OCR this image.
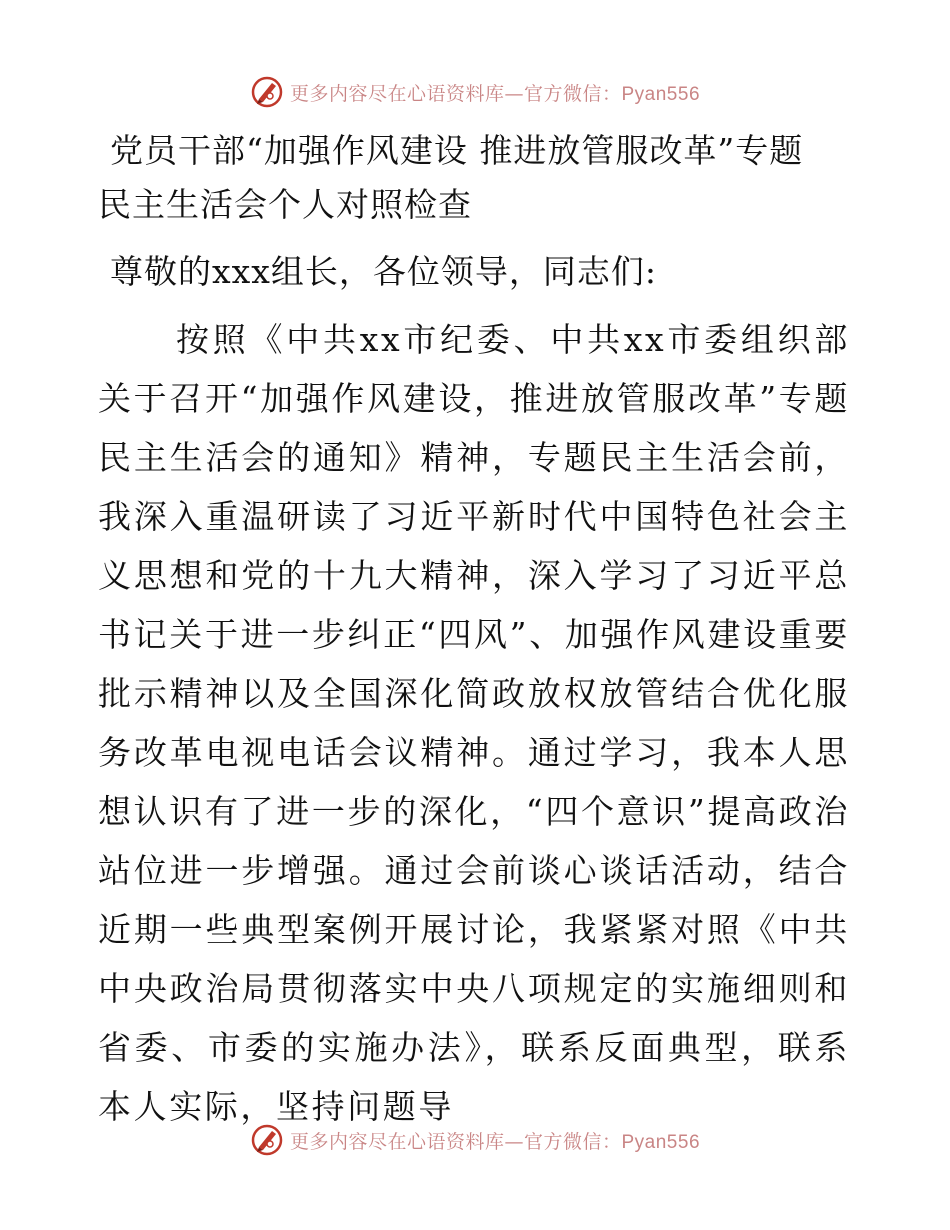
更多内容尽在心语资料库—官方微信：Pyan556
党员干部“加强作风建设 推进放管服改革”专题
民主生活会个人对照检查

尊敬的xxx组长，各位领导，同志们:

按照《中共xx市纪委、中共xx市委组织部关于召开“加强作风建设，推进放管服改革”专题民主生活会的通知》精神，专题民主生活会前，我深入重温研读了习近平新时代中国特色社会主义思想和党的十九大精神，深入学习了习近平总书记关于进一步纠正“四风”、加强作风建设重要批示精神以及全国深化简政放权放管结合优化服务改革电视电话会议精神。通过学习，我本人思想认识有了进一步的深化，“四个意识”提高政治站位进一步增强。通过会前谈心谈话活动，结合近期一些典型案例开展讨论，我紧紧对照《中共中央政治局贯彻落实中央八项规定的实施细则和省委、市委的实施办法》，联系反面典型，联系本人实际，坚持问题导

更多内容尽在心语资料库—官方微信：Pyan556
